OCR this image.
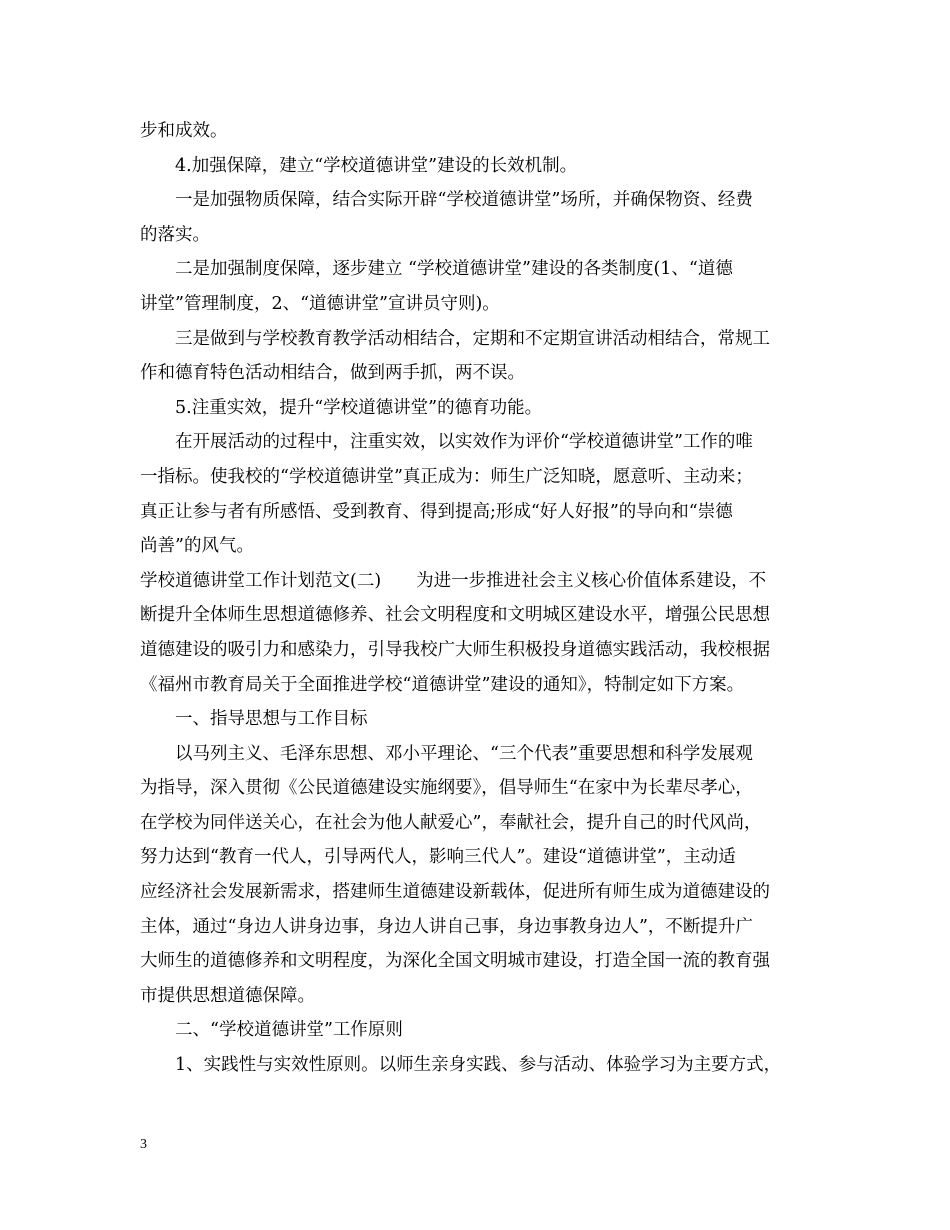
步和成效。
4.加强保障，建立“学校道德讲堂”建设的长效机制。
一是加强物质保障，结合实际开辟“学校道德讲堂”场所，并确保物资、经费
的落实。
二是加强制度保障，逐步建立 “学校道德讲堂”建设的各类制度(1、“道德
讲堂”管理制度，2、“道德讲堂”宣讲员守则)。
三是做到与学校教育教学活动相结合，定期和不定期宣讲活动相结合，常规工
作和德育特色活动相结合，做到两手抓，两不误。
5.注重实效，提升“学校道德讲堂”的德育功能。
在开展活动的过程中，注重实效，以实效作为评价“学校道德讲堂”工作的唯
一指标。使我校的“学校道德讲堂”真正成为：师生广泛知晓，愿意听、主动来；
真正让参与者有所感悟、受到教育、得到提高;形成“好人好报”的导向和“崇德
尚善”的风气。
学校道德讲堂工作计划范文(二)　　为进一步推进社会主义核心价值体系建设，不
断提升全体师生思想道德修养、社会文明程度和文明城区建设水平，增强公民思想
道德建设的吸引力和感染力，引导我校广大师生积极投身道德实践活动，我校根据
《福州市教育局关于全面推进学校“道德讲堂”建设的通知》，特制定如下方案。
一、指导思想与工作目标
以马列主义、毛泽东思想、邓小平理论、“三个代表”重要思想和科学发展观
为指导，深入贯彻《公民道德建设实施纲要》，倡导师生“在家中为长辈尽孝心，
在学校为同伴送关心，在社会为他人献爱心”，奉献社会，提升自己的时代风尚，
努力达到“教育一代人，引导两代人，影响三代人”。建设“道德讲堂”，主动适
应经济社会发展新需求，搭建师生道德建设新载体，促进所有师生成为道德建设的
主体，通过“身边人讲身边事，身边人讲自己事，身边事教身边人”，不断提升广
大师生的道德修养和文明程度，为深化全国文明城市建设，打造全国一流的教育强
市提供思想道德保障。
二、“学校道德讲堂”工作原则
1、实践性与实效性原则。以师生亲身实践、参与活动、体验学习为主要方式，
3
